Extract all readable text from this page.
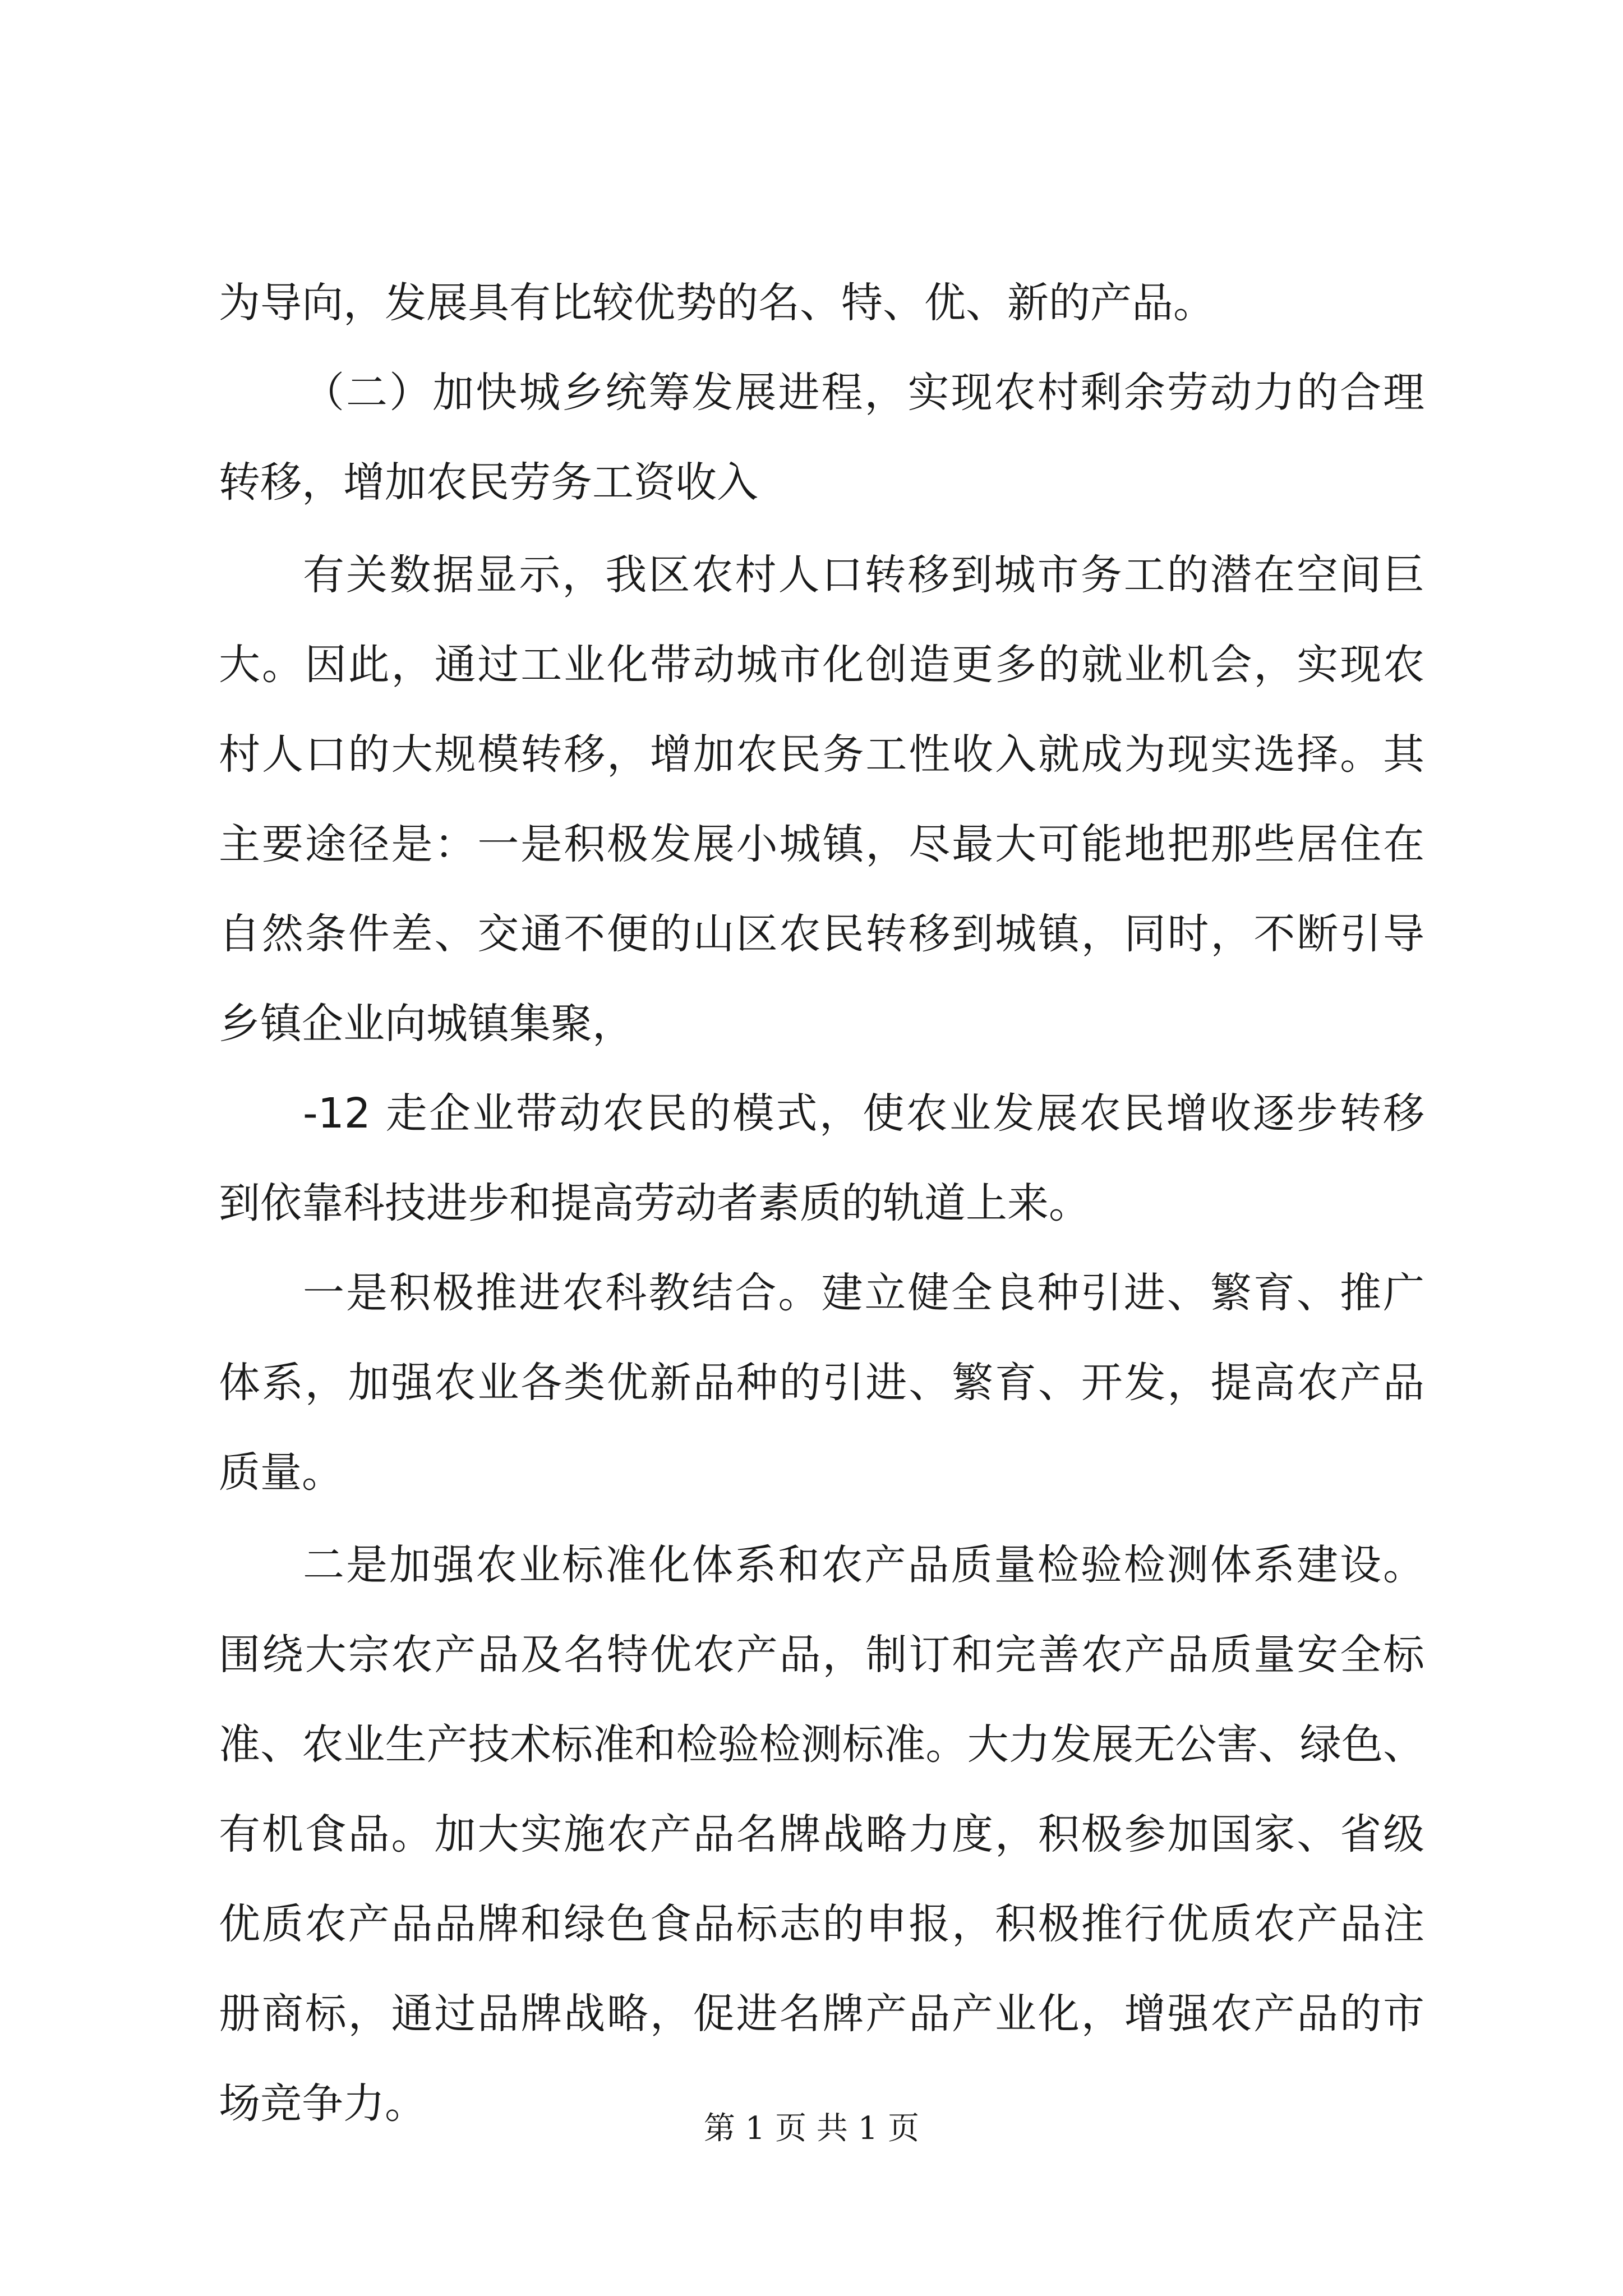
为导向，发展具有比较优势的名、特、优、新的产品。
（二）加快城乡统筹发展进程，实现农村剩余劳动力的合理
转移，增加农民劳务工资收入
有关数据显示，我区农村人口转移到城市务工的潜在空间巨
大。因此，通过工业化带动城市化创造更多的就业机会，实现农
村人口的大规模转移，增加农民务工性收入就成为现实选择。其
主要途径是：一是积极发展小城镇，尽最大可能地把那些居住在
自然条件差、交通不便的山区农民转移到城镇，同时，不断引导
乡镇企业向城镇集聚，
-12 走企业带动农民的模式，使农业发展农民增收逐步转移
到依靠科技进步和提高劳动者素质的轨道上来。
一是积极推进农科教结合。建立健全良种引进、繁育、推广
体系，加强农业各类优新品种的引进、繁育、开发，提高农产品
质量。
二是加强农业标准化体系和农产品质量检验检测体系建设。
围绕大宗农产品及名特优农产品，制订和完善农产品质量安全标
准、农业生产技术标准和检验检测标准。大力发展无公害、绿色、
有机食品。加大实施农产品名牌战略力度，积极参加国家、省级
优质农产品品牌和绿色食品标志的申报，积极推行优质农产品注
册商标，通过品牌战略，促进名牌产品产业化，增强农产品的市
场竞争力。
第 1 页 共 1 页
